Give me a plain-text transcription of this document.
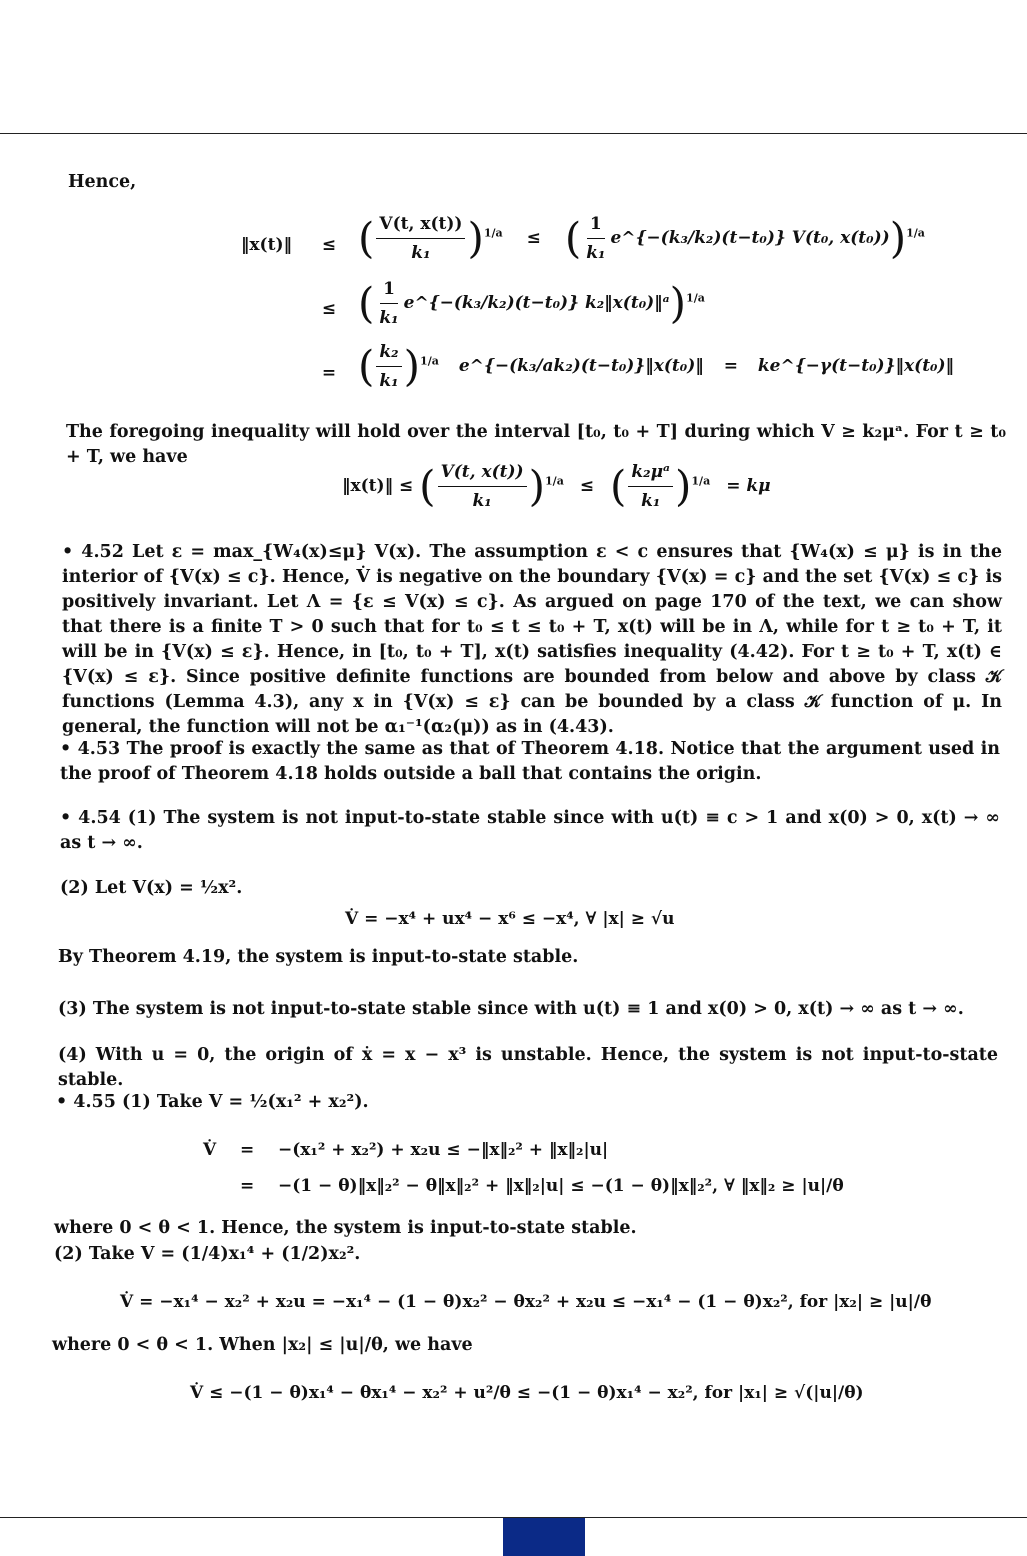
Hence,
‖x(t)‖	≤ ( $\frac{V(t, x(t))}{\text{k₁}} )^{1/a}$ ≤ ( $\frac{1}{\text{k₁}}$ e^{−(k₃/k₂)(t−t₀)} V(t₀, x(t₀)))$^{1/a}$
≤ ( $\frac{1}{\text{k₁}}$ e^{−(k₃/k₂)(t−t₀)} k₂‖x(t₀)‖ᵃ)$^{1/a}$
= ( $\frac{\text{k₂}}{\text{k₁}} )^{1/a}$ e^{−(k₃/ak₂)(t−t₀)}‖x(t₀)‖ = ke^{−γ(t−t₀)}‖x(t₀)‖
The foregoing inequality will hold over the interval [t₀, t₀ + T] during which V ≥ k₂μᵃ. For t ≥ t₀ + T, we have
‖x(t)‖ ≤ ( $\frac{V(t, x(t))}{\text{k₁}} )^{1/a}$ ≤ ( $\frac{\text{k₂μᵃ}}{\text{k₁}} )^{1/a} = k\mu$
• 4.52 Let ε = max_{W₄(x)≤μ} V(x). The assumption ε < c ensures that {W₄(x) ≤ μ} is in the interior of {V(x) ≤ c}. Hence, V̇ is negative on the boundary {V(x) = c} and the set {V(x) ≤ c} is positively invariant. Let Λ = {ε ≤ V(x) ≤ c}. As argued on page 170 of the text, we can show that there is a finite T > 0 such that for t₀ ≤ t ≤ t₀ + T, x(t) will be in Λ, while for t ≥ t₀ + T, it will be in {V(x) ≤ ε}. Hence, in [t₀, t₀ + T], x(t) satisfies inequality (4.42). For t ≥ t₀ + T, x(t) ∈ {V(x) ≤ ε}. Since positive definite functions are bounded from below and above by class 𝒦 functions (Lemma 4.3), any x in {V(x) ≤ ε} can be bounded by a class 𝒦 function of μ. In general, the function will not be α₁⁻¹(α₂(μ)) as in (4.43).
• 4.53 The proof is exactly the same as that of Theorem 4.18. Notice that the argument used in the proof of Theorem 4.18 holds outside a ball that contains the origin.
• 4.54 (1) The system is not input-to-state stable since with u(t) ≡ c > 1 and x(0) > 0, x(t) → ∞ as t → ∞.
(2) Let V(x) = ½x².
V̇ = −x⁴ + ux⁴ − x⁶ ≤ −x⁴, ∀ |x| ≥ √u
By Theorem 4.19, the system is input-to-state stable.
(3) The system is not input-to-state stable since with u(t) ≡ 1 and x(0) > 0, x(t) → ∞ as t → ∞.
(4) With u = 0, the origin of ẋ = x − x³ is unstable. Hence, the system is not input-to-state stable.
• 4.55 (1) Take V = ½(x₁² + x₂²).
V̇ = −(x₁² + x₂²) + x₂u ≤ −‖x‖₂² + ‖x‖₂|u|
= −(1 − θ)‖x‖₂² − θ‖x‖₂² + ‖x‖₂|u| ≤ −(1 − θ)‖x‖₂², ∀ ‖x‖₂ ≥ |u|/θ
where 0 < θ < 1. Hence, the system is input-to-state stable.
(2) Take V = (1/4)x₁⁴ + (1/2)x₂².
V̇ = −x₁⁴ − x₂² + x₂u = −x₁⁴ − (1 − θ)x₂² − θx₂² + x₂u ≤ −x₁⁴ − (1 − θ)x₂², for |x₂| ≥ |u|/θ
where 0 < θ < 1. When |x₂| ≤ |u|/θ, we have
V̇ ≤ −(1 − θ)x₁⁴ − θx₁⁴ − x₂² + u²/θ ≤ −(1 − θ)x₁⁴ − x₂², for |x₁| ≥ √(|u|/θ)
